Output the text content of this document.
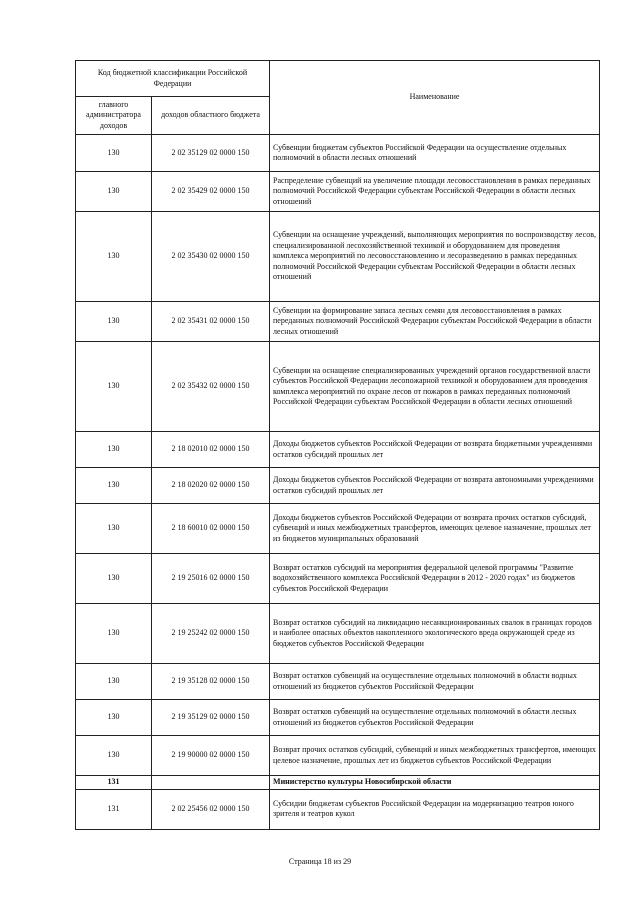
Код бюджетной классификации Российской Федерации		Наименование
главного администратора доходов	доходов областного бюджета	
130	2 02 35129 02 0000 150	Субвенции бюджетам субъектов Российской Федерации на осуществление отдельных полномочий в области лесных отношений
130	2 02 35429 02 0000 150	Распределение субвенций на увеличение площади лесовосстановления в рамках переданных полномочий Российской Федерации субъектам Российской Федерации в области лесных отношений
130	2 02 35430 02 0000 150	Субвенции на оснащение учреждений, выполняющих мероприятия по воспроизводству лесов, специализированной лесохозяйственной техникой и оборудованием для проведения комплекса мероприятий по лесовосстановлению и лесоразведению в рамках переданных полномочий Российской Федерации субъектам Российской Федерации в области лесных отношений
130	2 02 35431 02 0000 150	Субвенции на формирование запаса лесных семян для лесовосстановления в рамках переданных полномочий Российской Федерации субъектам Российской Федерации в области лесных отношений
130	2 02 35432 02 0000 150	Субвенции на оснащение специализированных учреждений органов государственной власти субъектов Российской Федерации лесопожарной техникой и оборудованием для проведения комплекса мероприятий по охране лесов от пожаров в рамках переданных полномочий Российской Федерации субъектам Российской Федерации в области лесных отношений
130	2 18 02010 02 0000 150	Доходы бюджетов субъектов Российской Федерации от возврата бюджетными учреждениями остатков субсидий прошлых лет
130	2 18 02020 02 0000 150	Доходы бюджетов субъектов Российской Федерации от возврата автономными учреждениями остатков субсидий прошлых лет
130	2 18 60010 02 0000 150	Доходы бюджетов субъектов Российской Федерации от возврата прочих остатков субсидий, субвенций и иных межбюджетных трансфертов, имеющих целевое назначение, прошлых лет из бюджетов муниципальных образований
130	2 19 25016 02 0000 150	Возврат остатков субсидий на мероприятия федеральной целевой программы "Развитие водохозяйственного комплекса Российской Федерации в 2012 - 2020 годах" из бюджетов субъектов Российской Федерации
130	2 19 25242 02 0000 150	Возврат остатков субсидий на ликвидацию несанкционированных свалок в границах городов и наиболее опасных объектов накопленного экологического вреда окружающей среде из бюджетов субъектов Российской Федерации
130	2 19 35128 02 0000 150	Возврат остатков субвенций на осуществление отдельных полномочий в области водных отношений из бюджетов субъектов Российской Федерации
130	2 19 35129 02 0000 150	Возврат остатков субвенций на осуществление отдельных полномочий в области лесных отношений из бюджетов субъектов Российской Федерации
130	2 19 90000 02 0000 150	Возврат прочих остатков субсидий, субвенций и иных межбюджетных трансфертов, имеющих целевое назначение, прошлых лет из бюджетов субъектов Российской Федерации
131		Министерство культуры Новосибирской области
131	2 02 25456 02 0000 150	Субсидии бюджетам субъектов Российской Федерации на модернизацию театров юного зрителя и театров кукол
Страница 18 из 29
